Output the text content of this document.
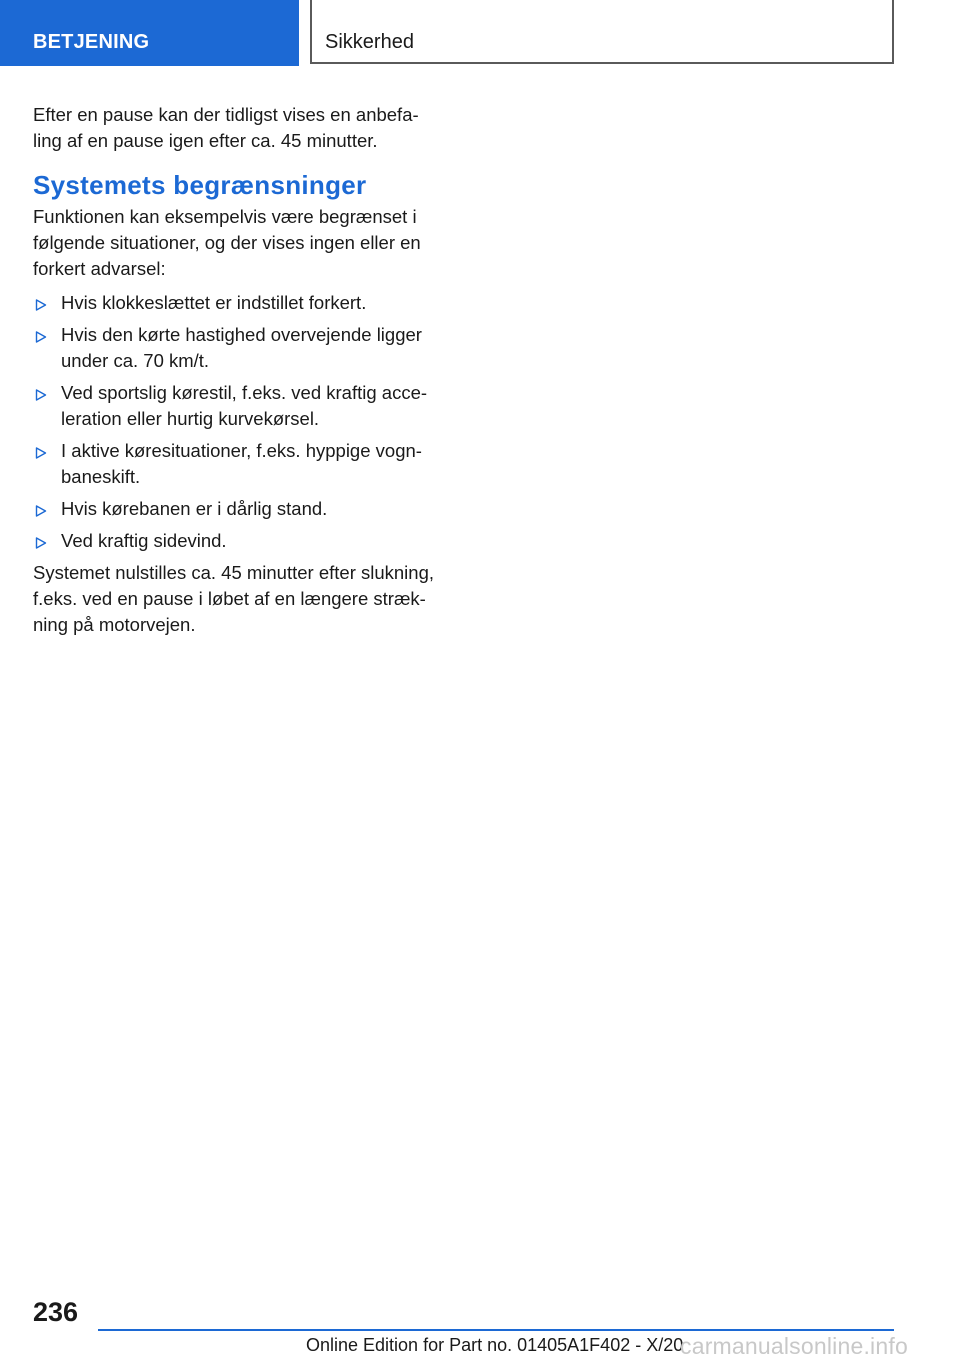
BETJENING	Sikkerhed

Efter en pause kan der tidligst vises en anbefa-
ling af en pause igen efter ca. 45 minutter.

Systemets begrænsninger

Funktionen kan eksempelvis være begrænset i
følgende situationer, og der vises ingen eller en
forkert advarsel:

Hvis klokkeslættet er indstillet forkert.
Hvis den kørte hastighed overvejende ligger
under ca. 70 km/t.
Ved sportslig kørestil, f.eks. ved kraftig acce-
leration eller hurtig kurvekørsel.
I aktive køresituationer, f.eks. hyppige vogn-
baneskift.
Hvis kørebanen er i dårlig stand.
Ved kraftig sidevind.

Systemet nulstilles ca. 45 minutter efter slukning,
f.eks. ved en pause i løbet af en længere stræk-
ning på motorvejen.

236
Online Edition for Part no. 01405A1F402 - X/20
carmanualsonline.info
